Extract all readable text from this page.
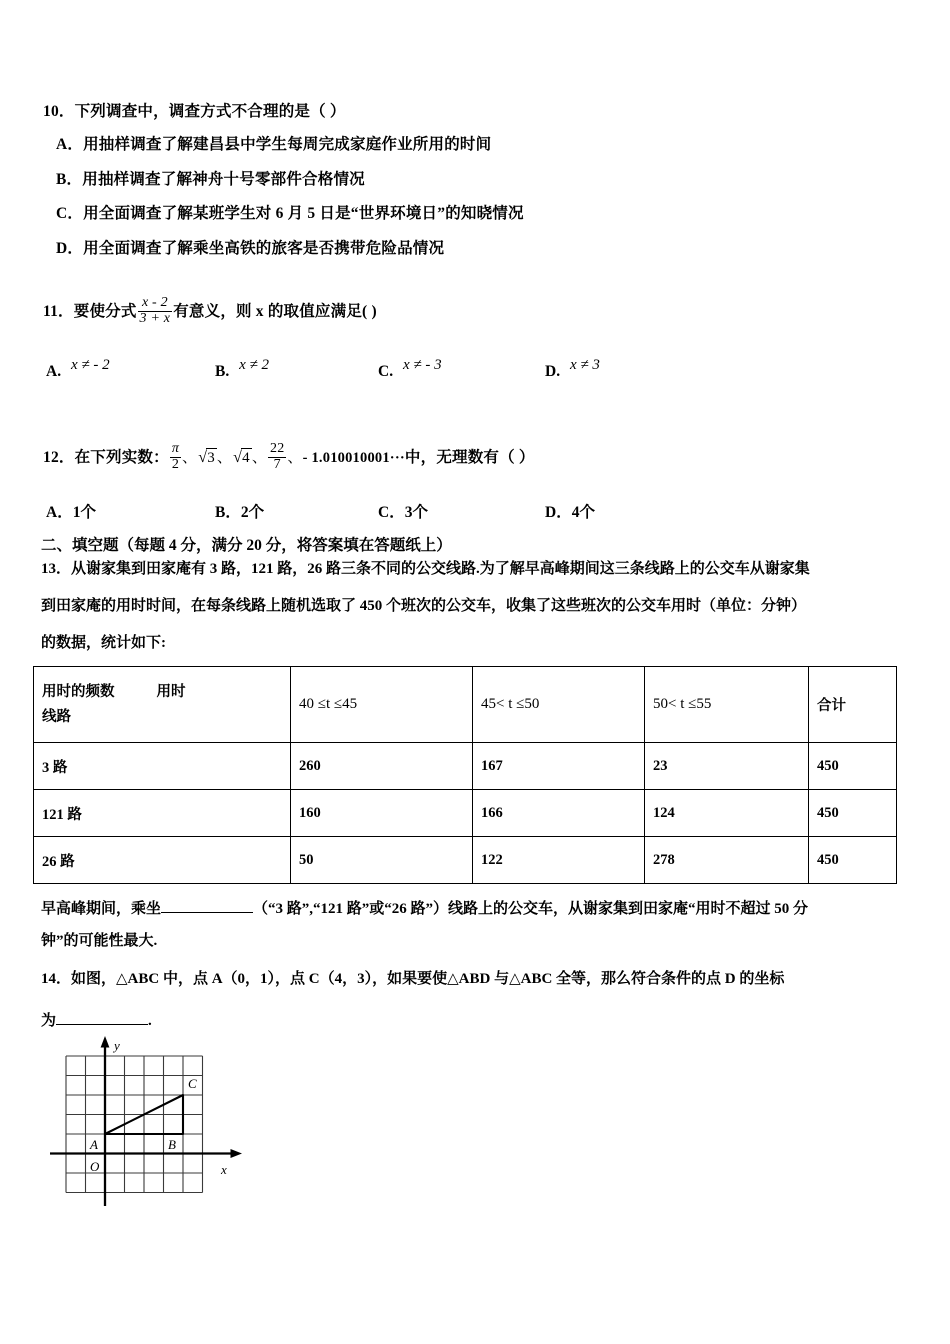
10．下列调查中，调查方式不合理的是（ ）
A．用抽样调查了解建昌县中学生每周完成家庭作业所用的时间
B．用抽样调查了解神舟十号零部件合格情况
C．用全面调查了解某班学生对 6 月 5 日是“世界环境日”的知晓情况
D．用全面调查了解乘坐高铁的旅客是否携带危险品情况
11．要使分式 $\frac{x - 2}{3 + x}$ 有意义，则 x 的取值应满足( )
A. x ≠ - 2	B. x ≠ 2	C. x ≠ - 3	D. x ≠ 3
12．在下列实数： $\frac{\pi}{2}$ 、√3 、√4 、 $\frac{22}{7}$ 、- 1.010010001···中，无理数有（ ）
A．1个	B．2个	C．3个	D．4个
二、填空题（每题 4 分，满分 20 分，将答案填在答题纸上）
13．从谢家集到田家庵有 3 路，121 路，26 路三条不同的公交线路.为了解早高峰期间这三条线路上的公交车从谢家集
到田家庵的用时时间，在每条线路上随机选取了 450 个班次的公交车，收集了这些班次的公交车用时（单位：分钟）
的数据，统计如下:
用时的频数 用时
线路	40 ≤t ≤45	45< t ≤50	50< t ≤55	合计
3 路	260	167	23	450
121 路	160	166	124	450
26 路	50	122	278	450
早高峰期间，乘坐	（“3 路”,“121 路”或“26 路”）线路上的公交车，从谢家集到田家庵“用时不超过 50 分
钟”的可能性最大.
14．如图，△ABC 中，点 A（0，1），点 C（4，3），如果要使△ABD 与△ABC 全等，那么符合条件的点 D 的坐标
为	.
y
x
A	B
C
O
